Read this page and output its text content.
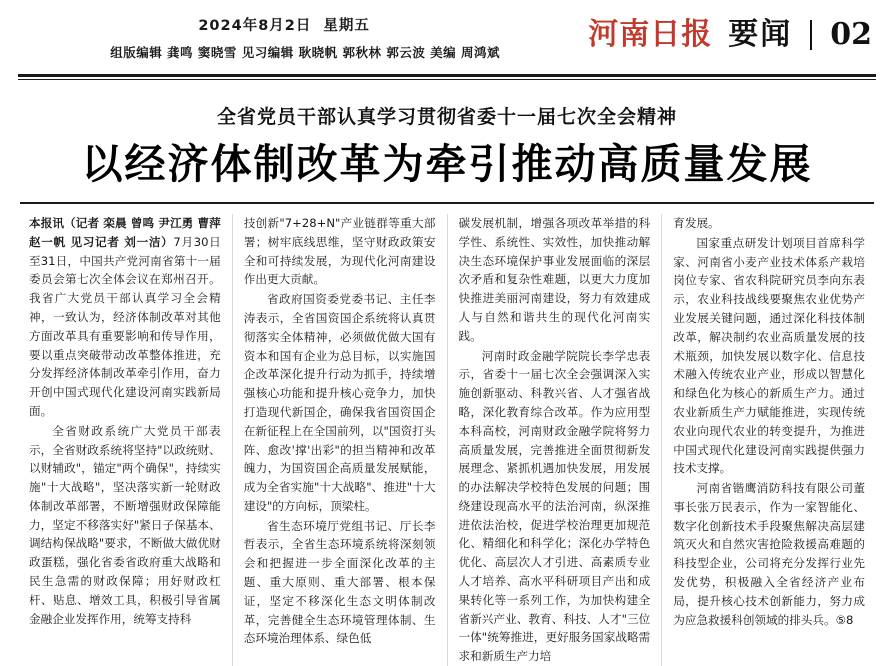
2024年8月2日 星期五
组版编辑 龚鸣 窦晓雪 见习编辑 耿晓帆 郭秋林 郭云波 美编 周鸿斌
河南日报 要闻 02
全省党员干部认真学习贯彻省委十一届七次全会精神
以经济体制改革为牵引推动高质量发展

本报讯（记者 栾晨 曾鸣 尹江勇 曹萍 赵一帆 见习记者 刘一洁）7月30日至31日，中国共产党河南省第十一届委员会第七次全体会议在郑州召开。我省广大党员干部认真学习全会精神，一致认为，经济体制改革对其他方面改革具有重要影响和传导作用，要以重点突破带动改革整体推进，充分发挥经济体制改革牵引作用，奋力开创中国式现代化建设河南实践新局面。

全省财政系统广大党员干部表示，全省财政系统将坚持"以政统财、以财辅政"，锚定"两个确保"，持续实施"十大战略"，坚决落实新一轮财政体制改革部署，不断增强财政保障能力，坚定不移落实好"紧日子保基本、调结构保战略"要求，不断做大做优财政蛋糕，强化省委省政府重大战略和民生急需的财政保障；用好财政杠杆、贴息、增效工具，积极引导省属金融企业发挥作用，统筹支持科

技创新"7+28+N"产业链群等重大部署；树牢底线思维，坚守财政政策安全和可持续发展，为现代化河南建设作出更大贡献。

省政府国资委党委书记、主任李涛表示，全省国资国企系统将认真贯彻落实全体精神，必须做优做大国有资本和国有企业为总目标，以实施国企改革深化提升行动为抓手，持续增强核心功能和提升核心竞争力，加快打造现代新国企，确保我省国资国企在新征程上在全国前列，以"国资打头阵、愈改'撑'出彩"的担当精神和改革魄力，为国资国企高质量发展赋能，成为全省实施"十大战略"、推进"十大建设"的方向标，顶梁柱。

省生态环境厅党组书记、厅长李哲表示，全省生态环境系统将深刻领会和把握进一步全面深化改革的主题、重大原则、重大部署、根本保证，坚定不移深化生态文明体制改革，完善健全生态环境管理体制、生态环境治理体系、绿色低

碳发展机制，增强各项改革举措的科学性、系统性、实效性，加快推动解决生态环境保护事业发展面临的深层次矛盾和复杂性难题，以更大力度加快推进美丽河南建设，努力有效建成人与自然和谐共生的现代化河南实践。

河南时政金融学院院长李学忠表示，省委十一届七次全会强调深入实施创新驱动、科教兴省、人才强省战略，深化教育综合改革。作为应用型本科高校，河南财政金融学院将努力高质量发展，完善推进全面贯彻新发展理念、紧抓机遇加快发展，用发展的办法解决学校特色发展的问题；围绕建设现高水平的法治河南，纵深推进依法治校，促进学校治理更加规范化、精细化和科学化；深化办学特色优化、高层次人才引进、高素质专业人才培养、高水平科研项目产出和成果转化等一系列工作，为加快构建全省新兴产业、教育、科技、人才"三位一体"统筹推进，更好服务国家战略需求和新质生产力培

育发展。

国家重点研发计划项目首席科学家、河南省小麦产业技术体系产栽培岗位专家、省农科院研究员李向东表示，农业科技战线要聚焦农业优势产业发展关键问题，通过深化科技体制改革，解决制约农业高质量发展的技术瓶颈，加快发展以数字化、信息技术融入传统农业产业，形成以智慧化和绿色化为核心的新质生产力。通过农业新质生产力赋能推进，实现传统农业向现代农业的转变提升，为推进中国式现代化建设河南实践提供强力技术支撑。

河南省锴鹰消防科技有限公司董事长张万民表示，作为一家智能化、数字化创新技术手段聚焦解决高层建筑灭火和自然灾害抢险救援高难题的科技型企业，公司将充分发挥行业先发优势，积极融入全省经济产业布局，提升核心技术创新能力，努力成为应急救援科创领域的排头兵。⑤8
